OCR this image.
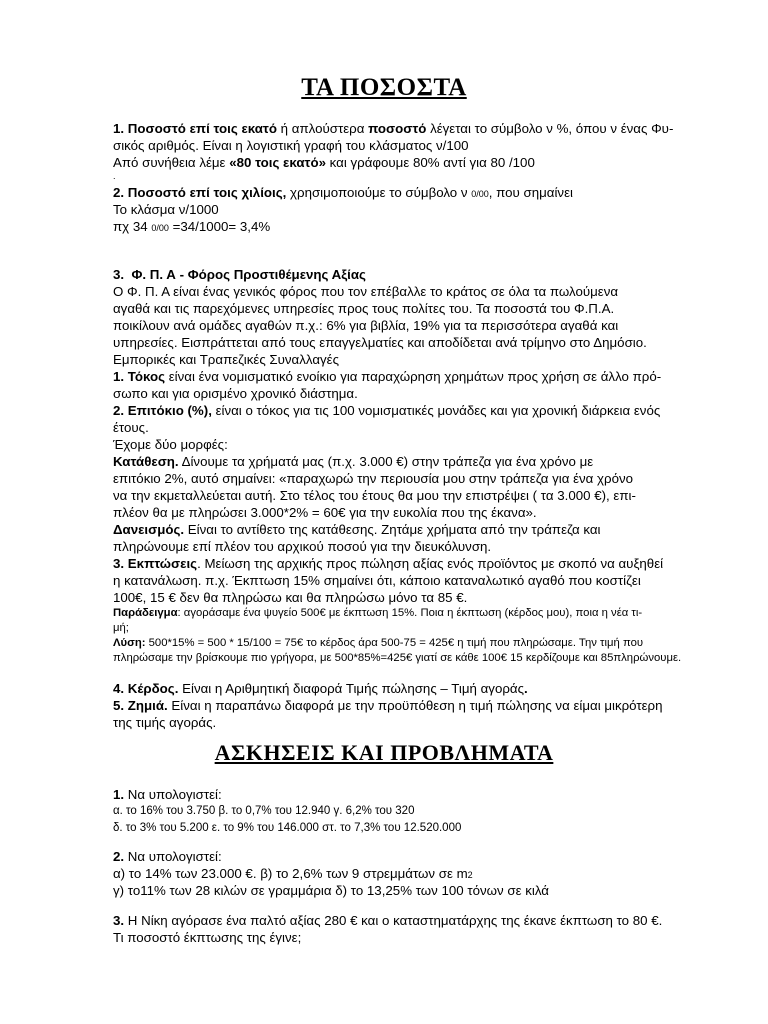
ΤΑ ΠΟΣΟΣΤΑ
1. Ποσοστό επί τοις εκατό ή απλούστερα ποσοστό λέγεται το σύμβολο ν %, όπου ν ένας Φυ-
σικός αριθμός. Είναι η λογιστική γραφή του κλάσματος ν/100
Από συνήθεια λέμε «80 τοις εκατό» και γράφουμε 80% αντί για 80 /100
.
2. Ποσοστό επί τοις χιλίοις, χρησιμοποιούμε το σύμβολο ν 0/00, που σημαίνει
Το κλάσμα ν/1000
πχ 34 0/00 =34/1000= 3,4%
3. Φ. Π. Α - Φόρος Προστιθέμενης Αξίας
Ο Φ. Π. Α είναι ένας γενικός φόρος που τον επέβαλλε το κράτος σε όλα τα πωλούμενα
αγαθά και τις παρεχόμενες υπηρεσίες προς τους πολίτες του. Τα ποσοστά του Φ.Π.Α.
ποικίλουν ανά ομάδες αγαθών π.χ.: 6% για βιβλία, 19% για τα περισσότερα αγαθά και
υπηρεσίες. Εισπράττεται από τους επαγγελματίες και αποδίδεται ανά τρίμηνο στο Δημόσιο.
Εμπορικές και Τραπεζικές Συναλλαγές
1. Τόκος είναι ένα νομισματικό ενοίκιο για παραχώρηση χρημάτων προς χρήση σε άλλο πρό-
σωπο και για ορισμένο χρονικό διάστημα.
2. Επιτόκιο (%), είναι ο τόκος για τις 100 νομισματικές μονάδες και για χρονική διάρκεια ενός
έτους.
Έχομε δύο μορφές:
Κατάθεση. Δίνουμε τα χρήματά μας (π.χ. 3.000 €) στην τράπεζα για ένα χρόνο με
επιτόκιο 2%, αυτό σημαίνει: «παραχωρώ την περιουσία μου στην τράπεζα για ένα χρόνο
να την εκμεταλλεύεται αυτή. Στο τέλος του έτους θα μου την επιστρέψει ( τα 3.000 €), επι-
πλέον θα με πληρώσει 3.000*2% = 60€ για την ευκολία που της έκανα».
Δανεισμός. Είναι το αντίθετο της κατάθεσης. Ζητάμε χρήματα από την τράπεζα και
πληρώνουμε επί πλέον του αρχικού ποσού για την διευκόλυνση.
3. Εκπτώσεις. Μείωση της αρχικής προς πώληση αξίας ενός προϊόντος με σκοπό να αυξηθεί
η κατανάλωση. π.χ. Έκπτωση 15% σημαίνει ότι, κάποιο καταναλωτικό αγαθό που κοστίζει
100€, 15 € δεν θα πληρώσω και θα πληρώσω μόνο τα 85 €.
Παράδειγμα: αγοράσαμε ένα ψυγείο 500€ με έκπτωση 15%. Ποια η έκπτωση (κέρδος μου), ποια η νέα τι-
μή;
Λύση: 500*15% = 500 * 15/100 = 75€ το κέρδος άρα 500-75 = 425€ η τιμή που πληρώσαμε. Την τιμή που
πληρώσαμε την βρίσκουμε πιο γρήγορα, με 500*85%=425€ γιατί σε κάθε 100€ 15 κερδίζουμε και 85πληρώνουμε.
4. Κέρδος. Είναι η Αριθμητική διαφορά Τιμής πώλησης – Τιμή αγοράς.
5. Ζημιά. Είναι η παραπάνω διαφορά με την προϋπόθεση η τιμή πώλησης να είμαι μικρότερη
της τιμής αγοράς.
ΑΣΚΗΣΕΙΣ ΚΑΙ ΠΡΟΒΛΗΜΑΤΑ
1. Να υπολογιστεί:
α. το 16% του 3.750 β. το 0,7% του 12.940 γ. 6,2% του 320
δ. το 3% του 5.200 ε. το 9% του 146.000 στ. το 7,3% του 12.520.000
2. Να υπολογιστεί:
α) το 14% των 23.000 €. β) το 2,6% των 9 στρεμμάτων σε m2
γ) το11% των 28 κιλών σε γραμμάρια δ) το 13,25% των 100 τόνων σε κιλά
3. Η Νίκη αγόρασε ένα παλτό αξίας 280 € και ο καταστηματάρχης της έκανε έκπτωση το 80 €.
Τι ποσοστό έκπτωσης της έγινε;
